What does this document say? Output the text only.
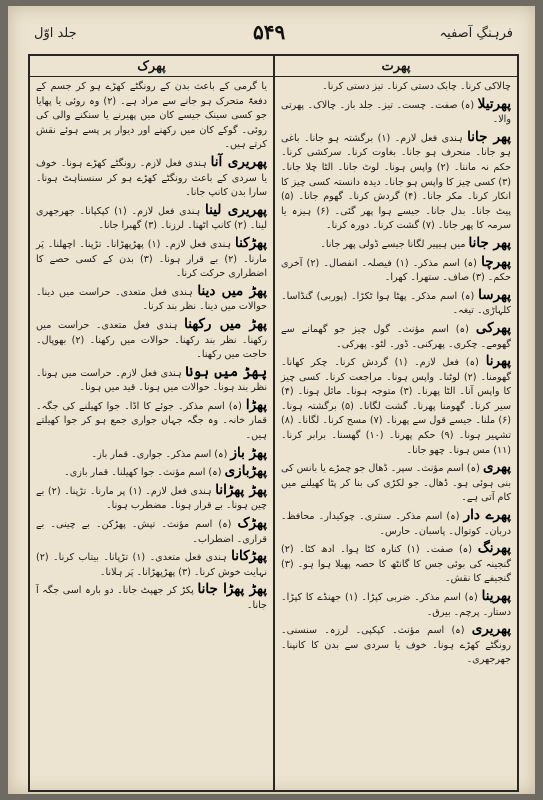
فرہنگِ آصفیہ
۵۴۹
جلد اوّل
پھرک	پھرت

چالاکی کرنا۔ چابک دستی کرنا۔ تیز دستی کرنا۔

پھرتیلا (ہ) صفت۔ چست۔ تیز۔ جلد باز۔ چالاک۔ پھرتی والا۔

پھر جانا ہندی فعل لازم۔ (۱) برگشتہ ہو جانا۔ باغی ہو جانا۔ منحرف ہو جانا۔ بغاوت کرنا۔ سرکشی کرنا۔ حکم نہ ماننا۔ (۲) واپس ہونا۔ لوٹ جانا۔ الٹا چلا جانا۔ (۳) کسی چیز کا واپس ہو جانا۔ دیدہ دانستہ کسی چیز کا انکار کرنا۔ مکر جانا۔ (۴) گردش کرنا۔ گھوم جانا۔ (۵) پیٹ جانا۔ بدل جانا۔ جیسے ہوا پھر گئی۔ (۶) ہیزہ یا سرمہ کا پھر جانا۔ (۷) گشت کرنا۔ دورہ کرنا۔

پھر جانا میں ہیپیر لگانا جیسے ڈولی پھر جانا۔

پھرچا (ہ) اسم مذکر۔ (۱) فیصلہ۔ انفصال۔ (۲) آخری حکم۔ (۳) صاف۔ ستھرا۔ کھرا۔

پھرسا (ہ) اسم مذکر۔ پھٹا ہوا ٹکڑا۔ (پوربی) گنڈاسا۔ کلہاڑی۔ تیغہ۔

پھرکی (ہ) اسم مؤنث۔ گول چیز جو گھمانے سے گھومے۔ چکری۔ پھرکنی۔ ڈور۔ لٹو۔ پھرکی۔

پھرنا (ہ) فعل لازم۔ (۱) گردش کرنا۔ چکر کھانا۔ گھومنا۔ (۲) لوٹنا۔ واپس ہونا۔ مراجعت کرنا۔ کسی چیز کا واپس آنا۔ الٹا پھرنا۔ (۳) متوجہ ہونا۔ مائل ہونا۔ (۴) سیر کرنا۔ گھومنا پھرنا۔ گشت لگانا۔ (۵) برگشتہ ہونا۔ (۶) ملنا۔ جیسے قول سے پھرنا۔ (۷) مسح کرنا۔ لگانا۔ (۸) تشہیر ہونا۔ (۹) حکم پھرنا۔ (۱۰) گھسنا۔ برابر کرنا۔ (۱۱) مس ہونا۔ چھو جانا۔

پھری (ہ) اسم مؤنث۔ سپر۔ ڈھال جو چمڑے یا بانس کی بنی ہوئی ہو۔ ڈھال۔ جو لکڑی کی بنا کر پٹا کھیلنے میں کام آتی ہے۔

پھرے دار (ہ) اسم مذکر۔ سنتری۔ چوکیدار۔ محافظ۔ دربان۔ کوتوال۔ پاسبان۔ حارس۔

پھرنگ (ہ) صفت۔ (۱) کنارہ کٹا ہوا۔ ادھ کٹا۔ (۲) گنجینہ کی بوئی جس کا گانٹھ کا حصہ پھیلا ہوا ہو۔ (۳) گنجیفے کا نقش۔

پھرینا (ہ) اسم مذکر۔ ضربی کپڑا۔ (۱) جھنڈے کا کپڑا۔ دستار۔ پرچم۔ بیرق۔

پھریری (ہ) اسم مؤنث۔ کپکپی۔ لرزہ۔ سنسنی۔ رونگٹے کھڑے ہونا۔ خوف یا سردی سے بدن کا کانپنا۔ جھرجھری۔

یا گرمی کے باعث بدن کے رونگٹے کھڑے ہو کر جسم کے دفعۃً متحرک ہو جانے سے مراد ہے۔ (۲) وہ روئی یا پھایا جو کسی سینک جیسے کان میں پھیرنے یا سنکنے والی کی روئی۔ گوکے کان میں رکھنے اور دیوار پر پسے ہوئے نقش کرتے ہیں۔

پھریری آنا ہندی فعل لازم۔ رونگٹے کھڑے ہونا۔ خوف یا سردی کے باعث رونگٹے کھڑے ہو کر سنسناہٹ ہونا۔ سارا بدن کانپ جانا۔

پھریری لینا ہندی فعل لازم۔ (۱) کپکپانا۔ جھرجھری لینا۔ (۲) کانپ اٹھنا۔ لرزنا۔ (۳) گھبرا جانا۔

پھڑکنا ہندی فعل لازم۔ (۱) پھڑپھڑانا۔ تڑپنا۔ اچھلنا۔ پَر مارنا۔ (۲) بے قرار ہونا۔ (۳) بدن کے کسی حصے کا اضطراری حرکت کرنا۔

پھڑ میں دینا ہندی فعل متعدی۔ حراست میں دینا۔ حوالات میں دینا۔ نظر بند کرنا۔

پھڑ میں رکھنا ہندی فعل متعدی۔ حراست میں رکھنا۔ نظر بند رکھنا۔ حوالات میں رکھنا۔ (۲) بھوپال۔ حاجت میں رکھنا۔

پھڑ میں ہونا ہندی فعل لازم۔ حراست میں ہونا۔ نظر بند ہونا۔ حوالات میں ہونا۔ قید میں ہونا۔

پھڑا (ہ) اسم مذکر۔ جوئے کا اڈا۔ جوا کھیلنے کی جگہ۔ قمار خانہ۔ وہ جگہ جہاں جواری جمع ہو کر جوا کھیلتے ہیں۔

پھڑ باز (ہ) اسم مذکر۔ جواری۔ قمار باز۔

پھڑبازی (ہ) اسم مؤنث۔ جوا کھیلنا۔ قمار بازی۔

پھڑ پھڑانا ہندی فعل لازم۔ (۱) پر مارنا۔ تڑپنا۔ (۲) بے چین ہونا۔ بے قرار ہونا۔ مضطرب ہونا۔

پھڑک (ہ) اسم مؤنث۔ تپش۔ پھڑکن۔ بے چینی۔ بے قراری۔ اضطراب۔

پھڑکانا ہندی فعل متعدی۔ (۱) تڑپانا۔ بیتاب کرنا۔ (۲) نہایت خوش کرنا۔ (۳) پھڑپھڑانا۔ پَر ہلانا۔

پھڑ پھڑا جانا پکڑ کر جھپٹ جانا۔ دو بارہ اسی جگہ آ جانا۔
